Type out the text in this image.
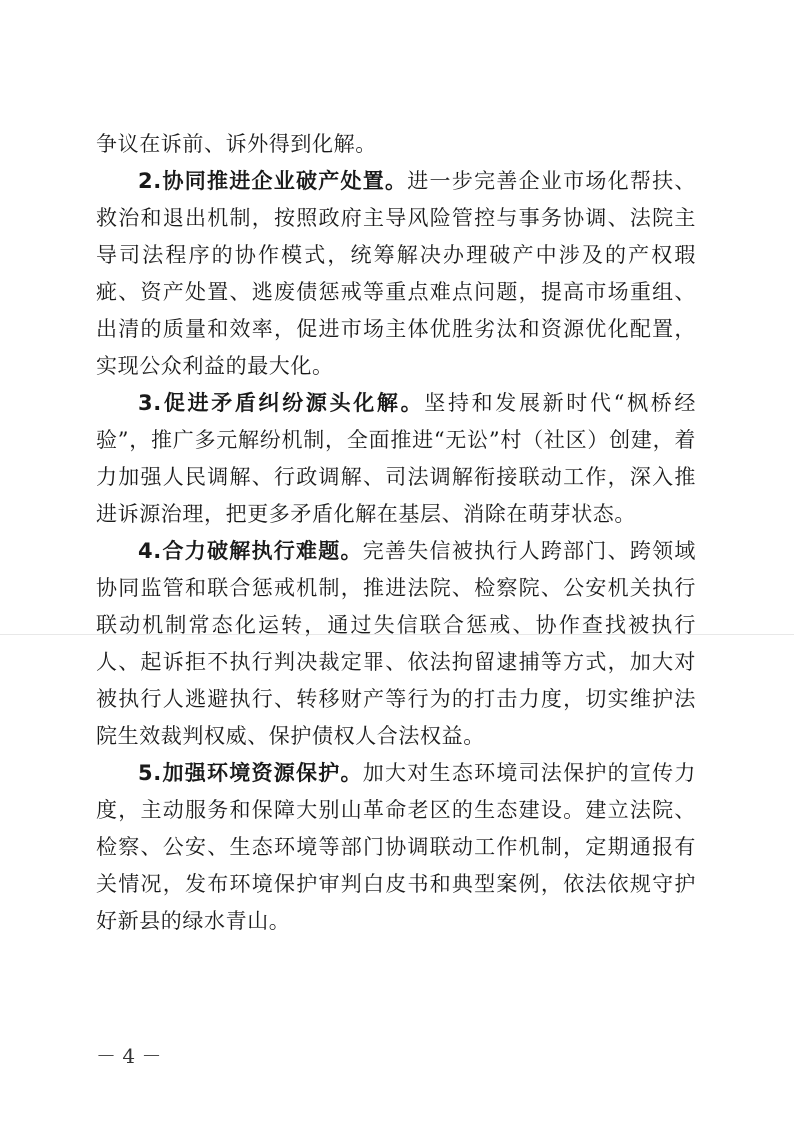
争议在诉前、诉外得到化解。

2.协同推进企业破产处置。进一步完善企业市场化帮扶、救治和退出机制，按照政府主导风险管控与事务协调、法院主导司法程序的协作模式，统筹解决办理破产中涉及的产权瑕疵、资产处置、逃废债惩戒等重点难点问题，提高市场重组、出清的质量和效率，促进市场主体优胜劣汰和资源优化配置，实现公众利益的最大化。

3.促进矛盾纠纷源头化解。坚持和发展新时代“枫桥经验”，推广多元解纷机制，全面推进“无讼”村（社区）创建，着力加强人民调解、行政调解、司法调解衔接联动工作，深入推进诉源治理，把更多矛盾化解在基层、消除在萌芽状态。

4.合力破解执行难题。完善失信被执行人跨部门、跨领域协同监管和联合惩戒机制，推进法院、检察院、公安机关执行联动机制常态化运转，通过失信联合惩戒、协作查找被执行人、起诉拒不执行判决裁定罪、依法拘留逮捕等方式，加大对被执行人逃避执行、转移财产等行为的打击力度，切实维护法院生效裁判权威、保护债权人合法权益。

5.加强环境资源保护。加大对生态环境司法保护的宣传力度，主动服务和保障大别山革命老区的生态建设。建立法院、检察、公安、生态环境等部门协调联动工作机制，定期通报有关情况，发布环境保护审判白皮书和典型案例，依法依规守护好新县的绿水青山。

－ 4 －
